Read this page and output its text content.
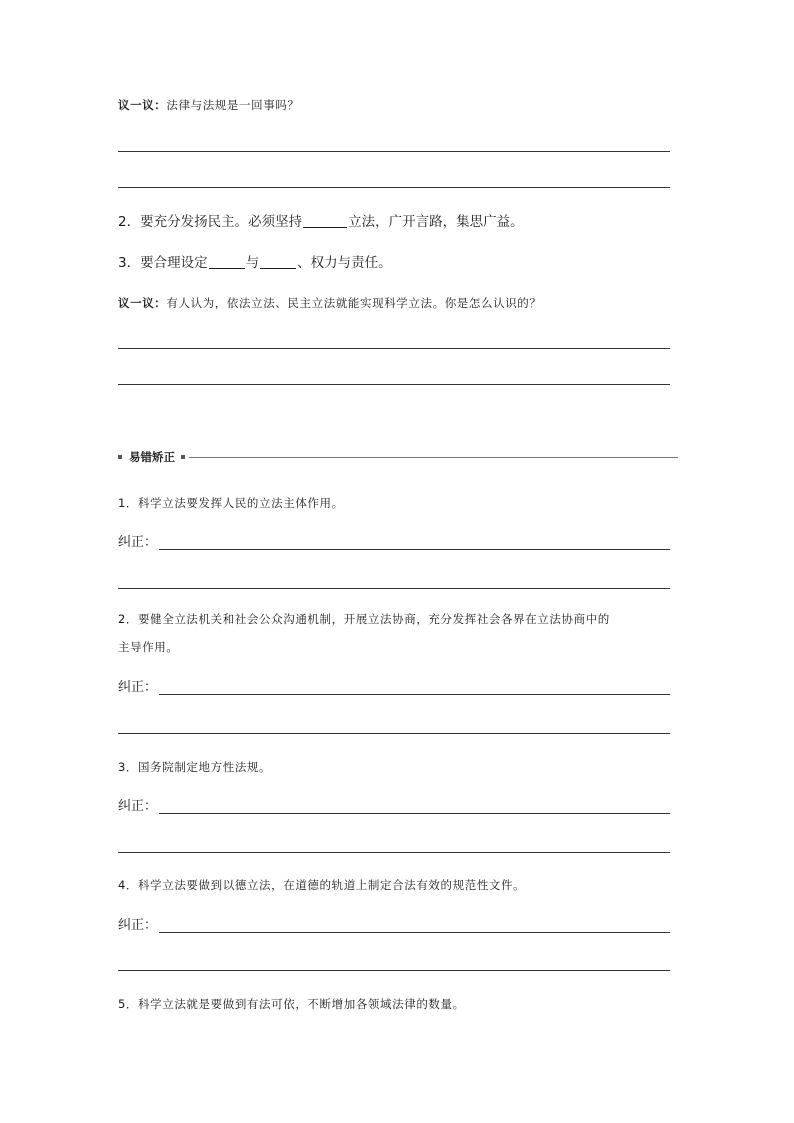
议一议：法律与法规是一回事吗？
2．要充分发扬民主。必须坚持	立法，广开言路，集思广益。
3．要合理设定	与	、权力与责任。
议一议：有人认为，依法立法、民主立法就能实现科学立法。你是怎么认识的？
易错矫正
1．科学立法要发挥人民的立法主体作用。
纠正：
2．要健全立法机关和社会公众沟通机制，开展立法协商，充分发挥社会各界在立法协商中的
主导作用。
纠正：
3．国务院制定地方性法规。
纠正：
4．科学立法要做到以德立法，在道德的轨道上制定合法有效的规范性文件。
纠正：
5．科学立法就是要做到有法可依，不断增加各领域法律的数量。
